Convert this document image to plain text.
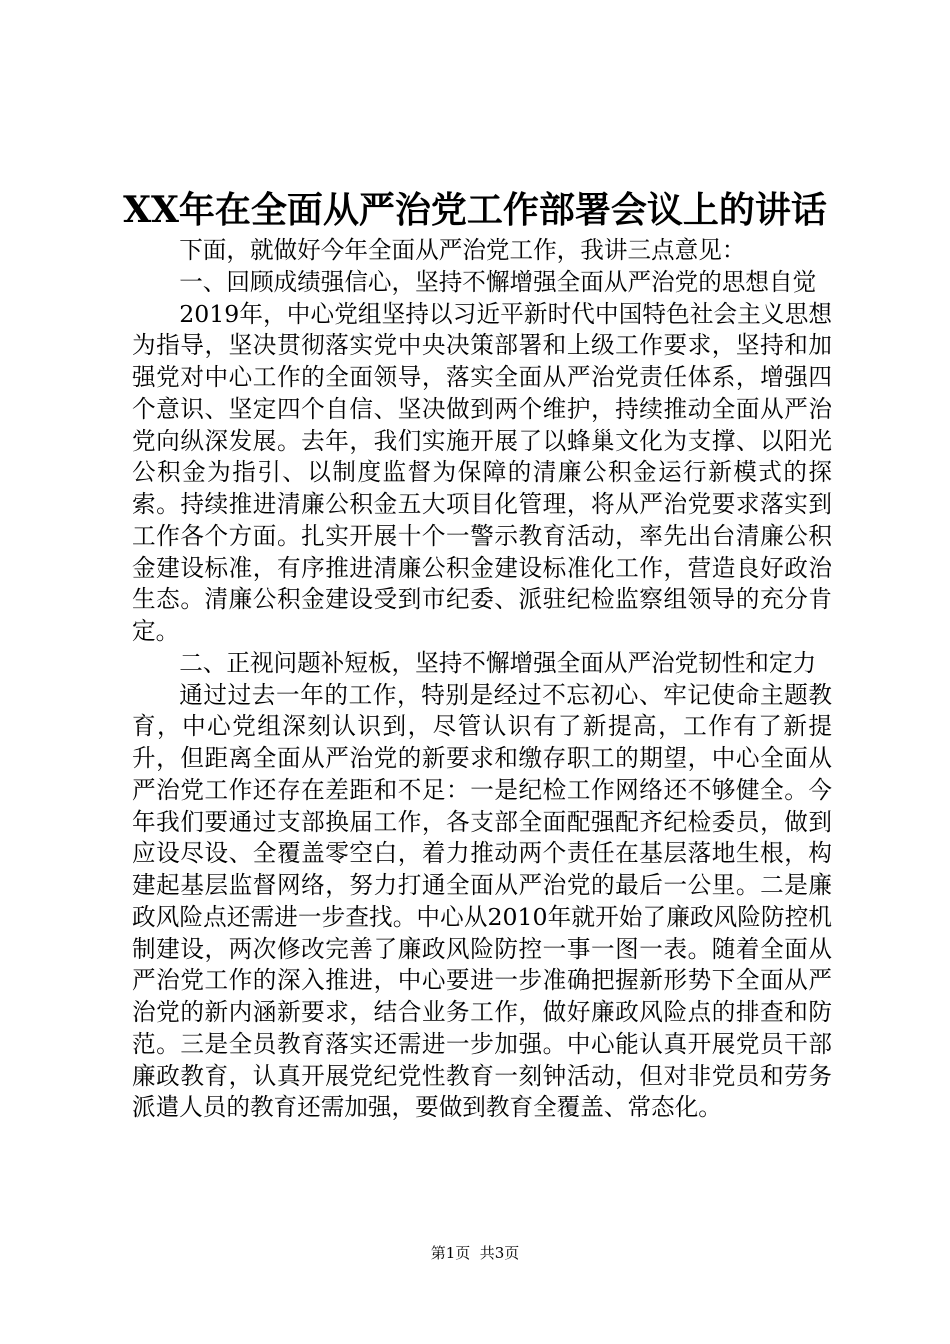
XX年在全面从严治党工作部署会议上的讲话

下面，就做好今年全面从严治党工作，我讲三点意见：

一、回顾成绩强信心，坚持不懈增强全面从严治党的思想自觉

2019年，中心党组坚持以习近平新时代中国特色社会主义思想为指导，坚决贯彻落实党中央决策部署和上级工作要求，坚持和加强党对中心工作的全面领导，落实全面从严治党责任体系，增强四个意识、坚定四个自信、坚决做到两个维护，持续推动全面从严治党向纵深发展。去年，我们实施开展了以蜂巢文化为支撑、以阳光公积金为指引、以制度监督为保障的清廉公积金运行新模式的探索。持续推进清廉公积金五大项目化管理，将从严治党要求落实到工作各个方面。扎实开展十个一警示教育活动，率先出台清廉公积金建设标准，有序推进清廉公积金建设标准化工作，营造良好政治生态。清廉公积金建设受到市纪委、派驻纪检监察组领导的充分肯定。

二、正视问题补短板，坚持不懈增强全面从严治党韧性和定力

通过过去一年的工作，特别是经过不忘初心、牢记使命主题教育，中心党组深刻认识到，尽管认识有了新提高，工作有了新提升，但距离全面从严治党的新要求和缴存职工的期望，中心全面从严治党工作还存在差距和不足：一是纪检工作网络还不够健全。今年我们要通过支部换届工作，各支部全面配强配齐纪检委员，做到应设尽设、全覆盖零空白，着力推动两个责任在基层落地生根，构建起基层监督网络，努力打通全面从严治党的最后一公里。二是廉政风险点还需进一步查找。中心从2010年就开始了廉政风险防控机制建设，两次修改完善了廉政风险防控一事一图一表。随着全面从严治党工作的深入推进，中心要进一步准确把握新形势下全面从严治党的新内涵新要求，结合业务工作，做好廉政风险点的排查和防范。三是全员教育落实还需进一步加强。中心能认真开展党员干部廉政教育，认真开展党纪党性教育一刻钟活动，但对非党员和劳务派遣人员的教育还需加强，要做到教育全覆盖、常态化。

第1页  共3页
